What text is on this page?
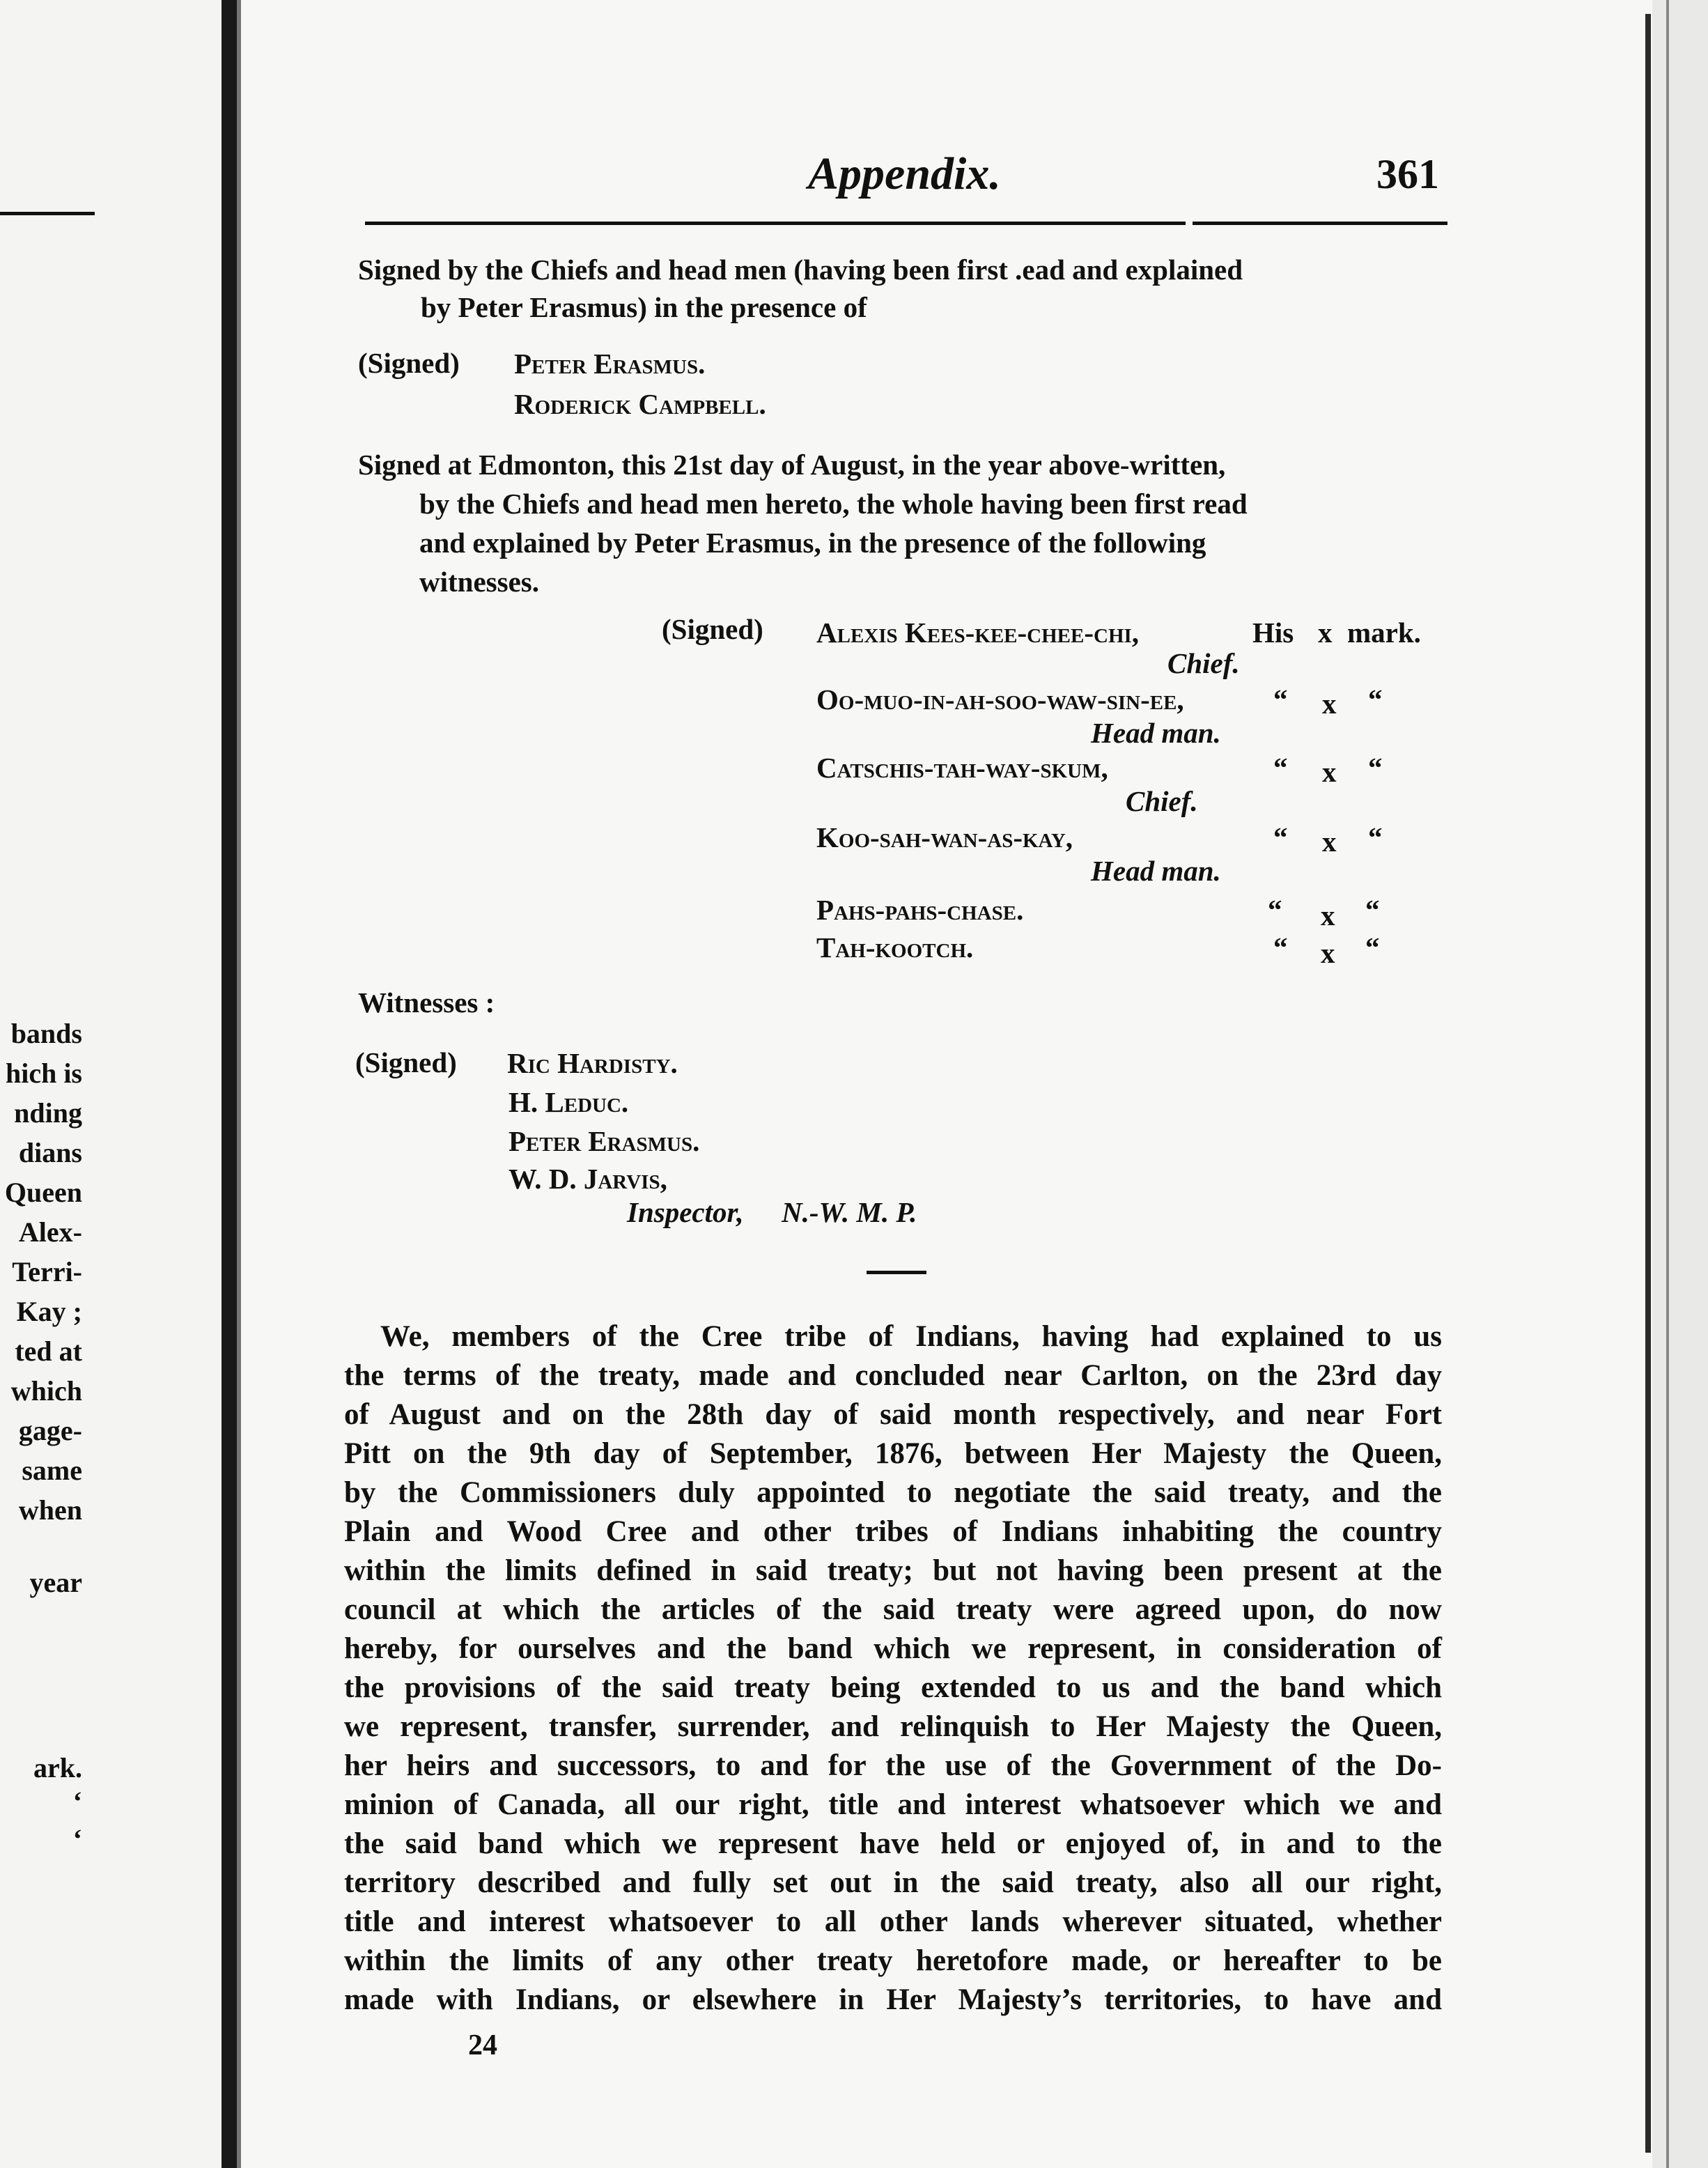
bands
hich is
nding
dians
Queen
Alex-
Terri-
Kay ;
ted at
which
gage-
same
when
year
ark.
‘
‘
Appendix.	361
Signed by the Chiefs and head men (having been first .ead and explained
by Peter Erasmus) in the presence of
(Signed) Peter Erasmus.
Roderick Campbell.
Signed at Edmonton, this 21st day of August, in the year above-written,
by the Chiefs and head men hereto, the whole having been first read
and explained by Peter Erasmus, in the presence of the following
witnesses.
(Signed) Alexis Kees-kee-chee-chi,	His x mark.
Chief.
Oo-muo-in-ah-soo-waw-sin-ee,	“ x “
Head man.
Catschis-tah-way-skum,	“ x “
Chief.
Koo-sah-wan-as-kay,	“ x “
Head man.
Pahs-pahs-chase.	“ x “
Tah-kootch.	“ x “
Witnesses :
(Signed) Ric Hardisty.
H. Leduc.
Peter Erasmus.
W. D. Jarvis,
Inspector, N.-W. M. P.
We, members of the Cree tribe of Indians, having had explained to us
the terms of the treaty, made and concluded near Carlton, on the 23rd day
of August and on the 28th day of said month respectively, and near Fort
Pitt on the 9th day of September, 1876, between Her Majesty the Queen,
by the Commissioners duly appointed to negotiate the said treaty, and the
Plain and Wood Cree and other tribes of Indians inhabiting the country
within the limits defined in said treaty; but not having been present at the
council at which the articles of the said treaty were agreed upon, do now
hereby, for ourselves and the band which we represent, in consideration of
the provisions of the said treaty being extended to us and the band which
we represent, transfer, surrender, and relinquish to Her Majesty the Queen,
her heirs and successors, to and for the use of the Government of the Do-
minion of Canada, all our right, title and interest whatsoever which we and
the said band which we represent have held or enjoyed of, in and to the
territory described and fully set out in the said treaty, also all our right,
title and interest whatsoever to all other lands wherever situated, whether
within the limits of any other treaty heretofore made, or hereafter to be
made with Indians, or elsewhere in Her Majesty’s territories, to have and
24
